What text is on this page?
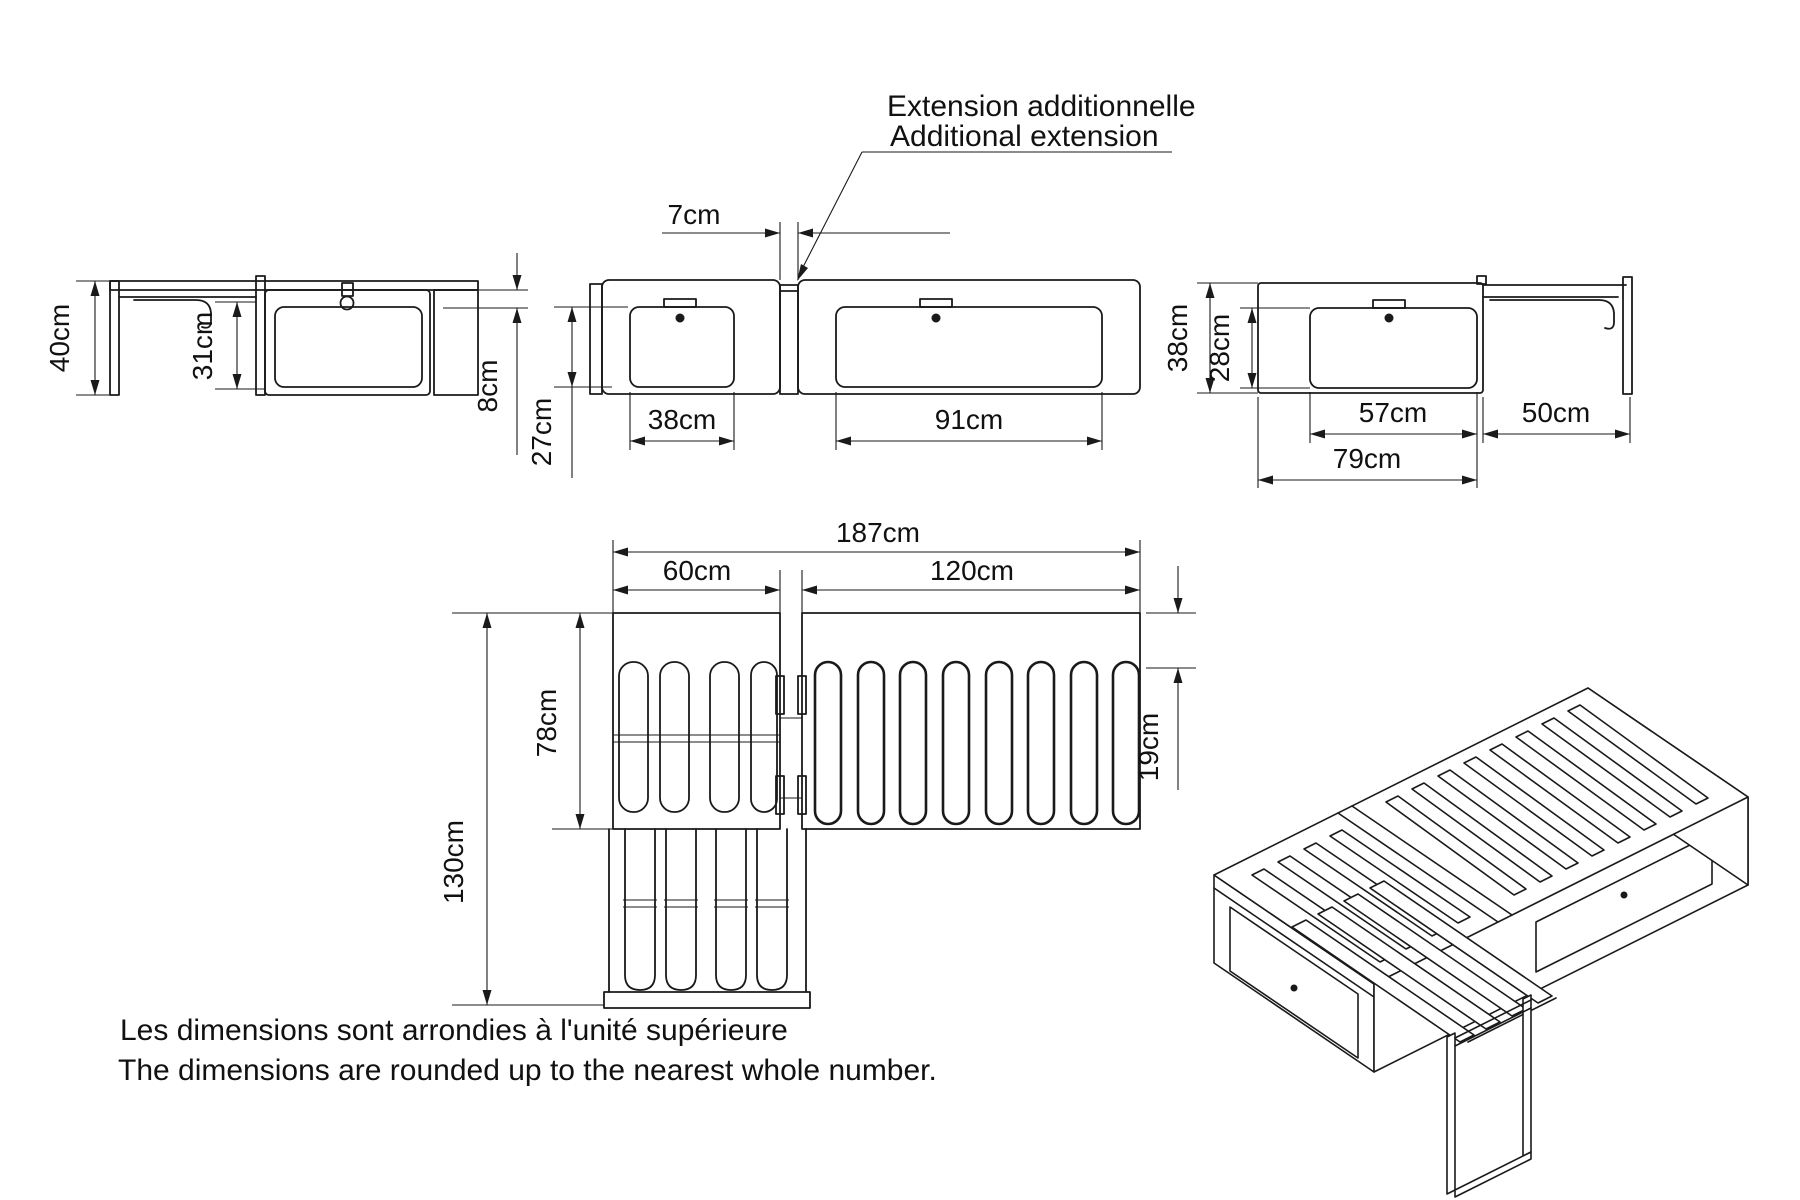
Extension additionnelle
Additional extension
40cm	31cm
8cm
7cm
27cm	38cm	91cm
38cm 28cm
57cm	50cm
79cm
187cm
60cm	120cm
130cm
78cm	19cm
Les dimensions sont arrondies à l'unité supérieure
The dimensions are rounded up to the nearest whole number.
